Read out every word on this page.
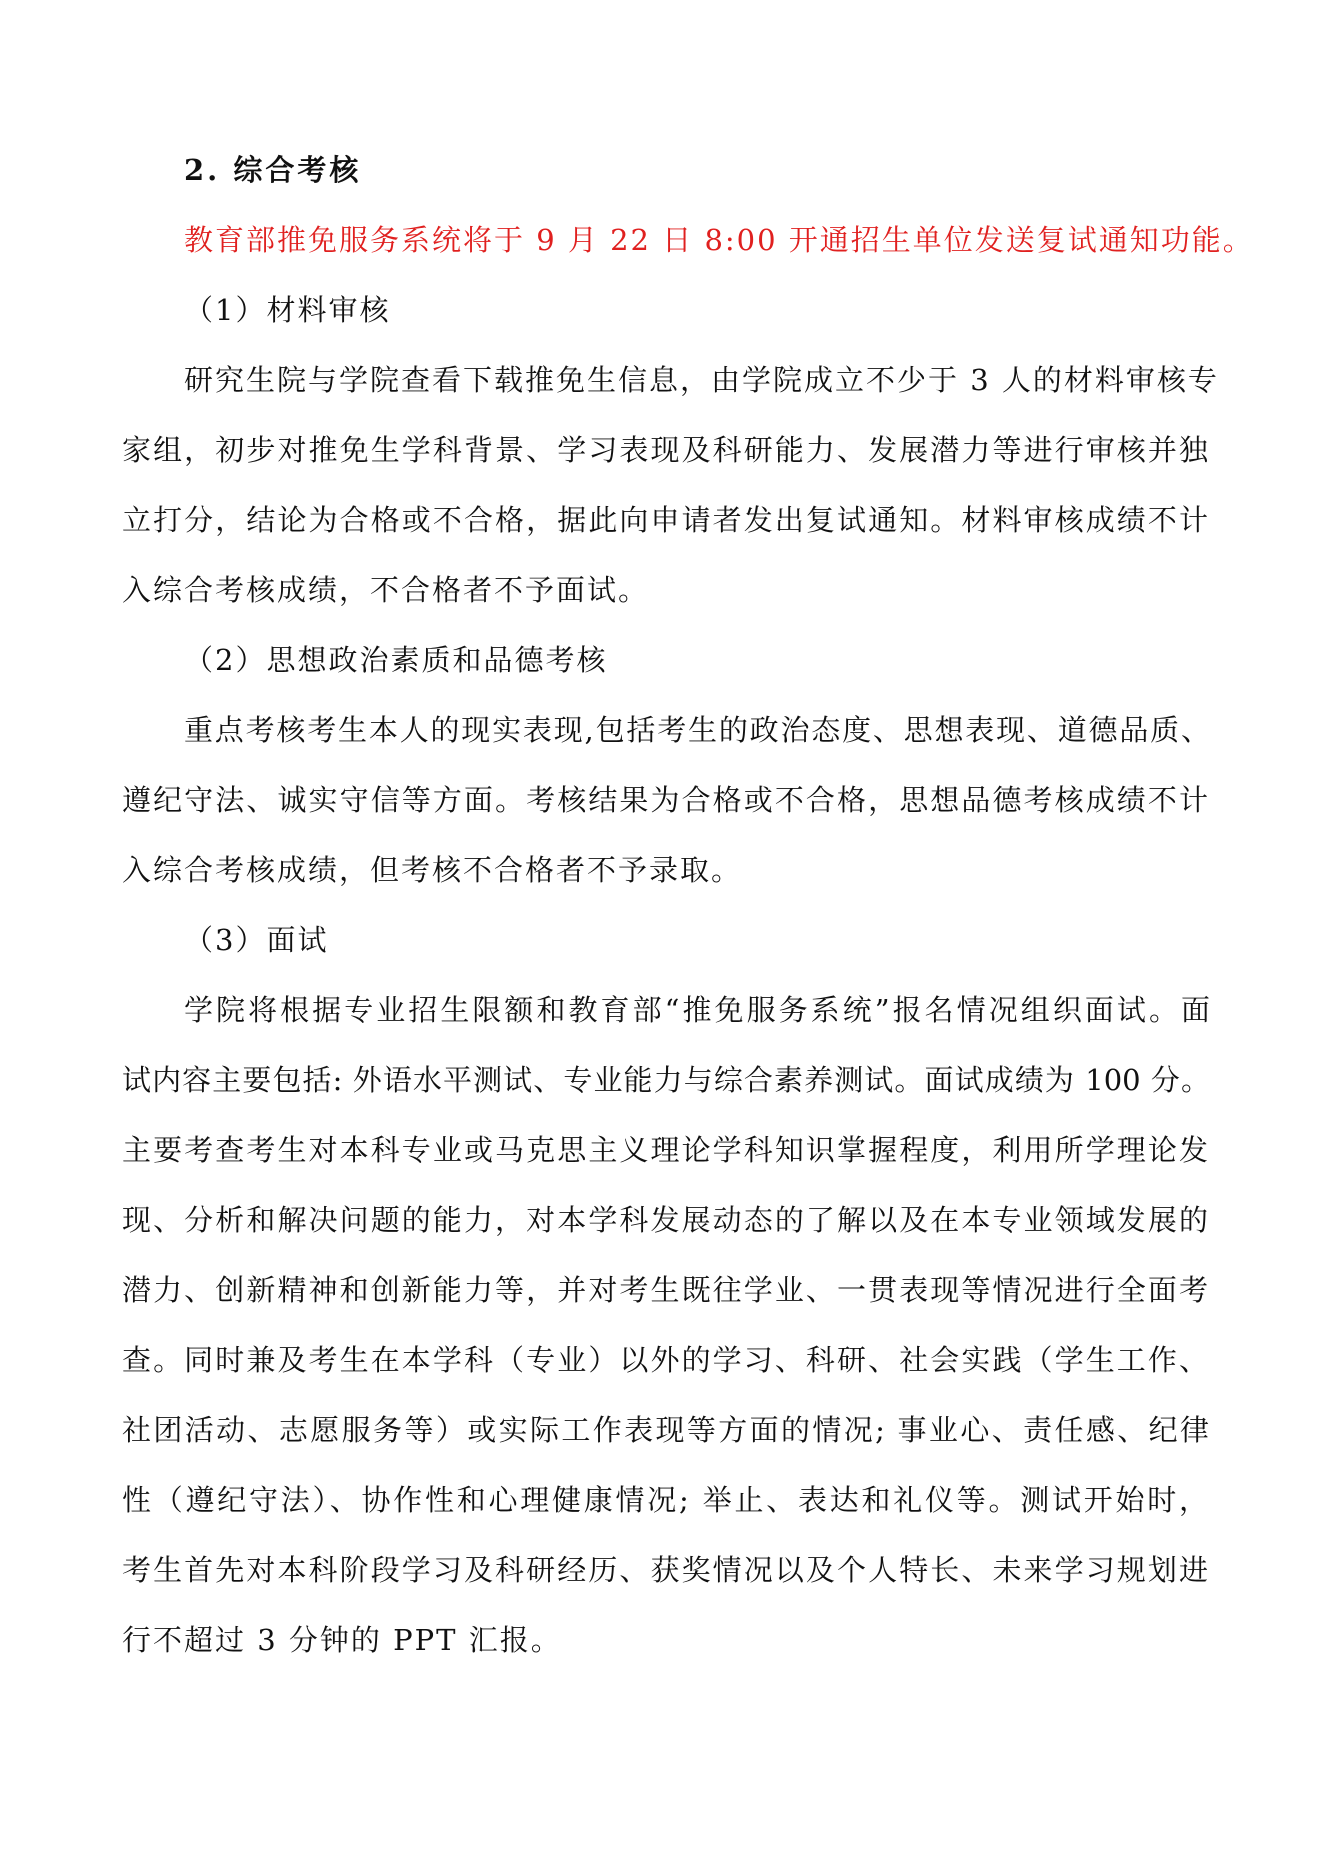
2. 综合考核
教育部推免服务系统将于 9 月 22 日 8:00 开通招生单位发送复试通知功能。
（1）材料审核
研究生院与学院查看下载推免生信息，由学院成立不少于 3 人的材料审核专
家组，初步对推免生学科背景、学习表现及科研能力、发展潜力等进行审核并独
立打分，结论为合格或不合格，据此向申请者发出复试通知。材料审核成绩不计
入综合考核成绩，不合格者不予面试。
（2）思想政治素质和品德考核
重点考核考生本人的现实表现,包括考生的政治态度、思想表现、道德品质、
遵纪守法、诚实守信等方面。考核结果为合格或不合格，思想品德考核成绩不计
入综合考核成绩，但考核不合格者不予录取。
（3）面试
学院将根据专业招生限额和教育部“推免服务系统”报名情况组织面试。面
试内容主要包括: 外语水平测试、专业能力与综合素养测试。面试成绩为 100 分。
主要考查考生对本科专业或马克思主义理论学科知识掌握程度，利用所学理论发
现、分析和解决问题的能力，对本学科发展动态的了解以及在本专业领域发展的
潜力、创新精神和创新能力等，并对考生既往学业、一贯表现等情况进行全面考
查。同时兼及考生在本学科（专业）以外的学习、科研、社会实践（学生工作、
社团活动、志愿服务等）或实际工作表现等方面的情况; 事业心、责任感、纪律
性（遵纪守法）、协作性和心理健康情况; 举止、表达和礼仪等。测试开始时，
考生首先对本科阶段学习及科研经历、获奖情况以及个人特长、未来学习规划进
行不超过 3 分钟的 PPT 汇报。
